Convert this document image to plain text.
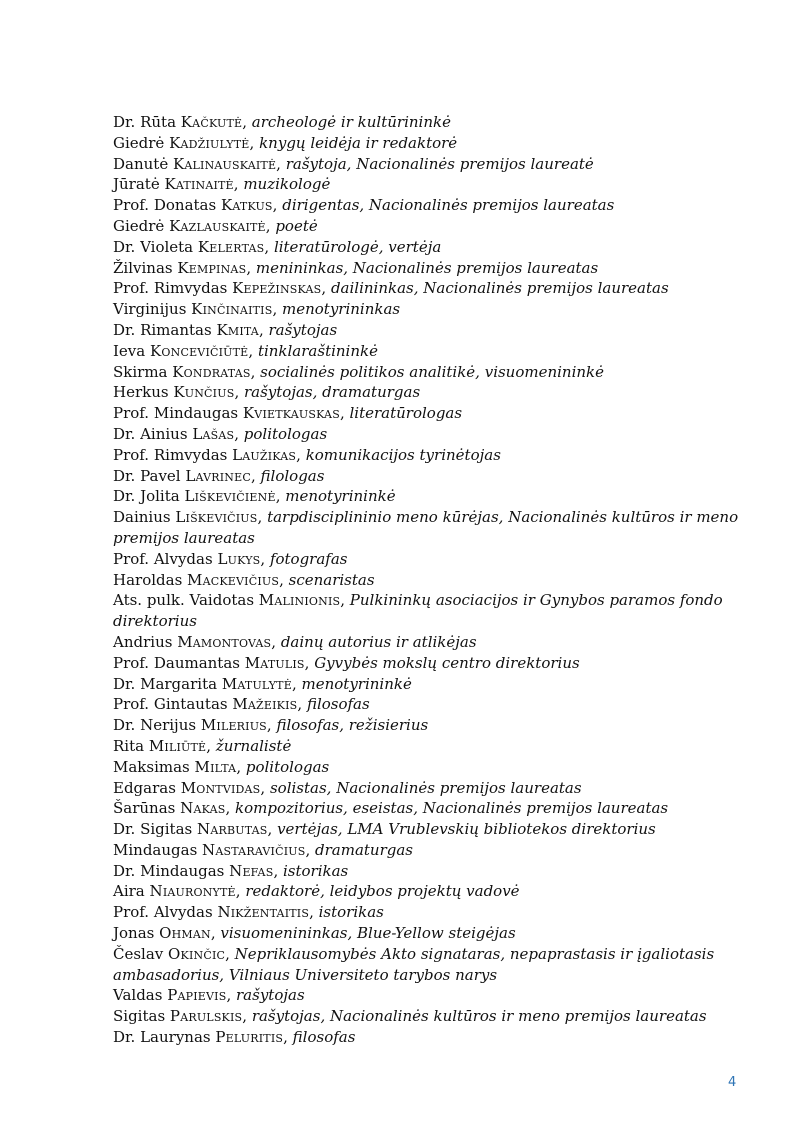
Dr. Rūta Kačkutė, archeologė ir kultūrininkė

Giedrė Kadžiulytė, knygų leidėja ir redaktorė

Danutė Kalinauskaitė, rašytoja, Nacionalinės premijos laureatė

Jūratė Katinaitė, muzikologė

Prof. Donatas Katkus, dirigentas, Nacionalinės premijos laureatas

Giedrė Kazlauskaitė, poetė

Dr. Violeta Kelertas, literatūrologė, vertėja

Žilvinas Kempinas, menininkas, Nacionalinės premijos laureatas

Prof. Rimvydas Kepežinskas, dailininkas, Nacionalinės premijos laureatas

Virginijus Kinčinaitis, menotyrininkas

Dr. Rimantas Kmita, rašytojas

Ieva Koncevičiūtė, tinklaraštininkė

Skirma Kondratas, socialinės politikos analitikė, visuomenininkė

Herkus Kunčius, rašytojas, dramaturgas

Prof. Mindaugas Kvietkauskas, literatūrologas

Dr. Ainius Lašas, politologas

Prof. Rimvydas Laužikas, komunikacijos tyrinėtojas

Dr. Pavel Lavrinec, filologas

Dr. Jolita Liškevičienė, menotyrininkė

Dainius Liškevičius, tarpdisciplininio meno kūrėjas, Nacionalinės kultūros ir meno premijos laureatas

Prof. Alvydas Lukys, fotografas

Haroldas Mackevičius, scenaristas

Ats. pulk. Vaidotas Malinionis, Pulkininkų asociacijos ir Gynybos paramos fondo direktorius

Andrius Mamontovas, dainų autorius ir atlikėjas

Prof. Daumantas Matulis, Gyvybės mokslų centro direktorius

Dr. Margarita Matulytė, menotyrininkė

Prof. Gintautas Mažeikis, filosofas

Dr. Nerijus Milerius, filosofas, režisierius

Rita Miliūtė, žurnalistė

Maksimas Milta, politologas

Edgaras Montvidas, solistas, Nacionalinės premijos laureatas

Šarūnas Nakas, kompozitorius, eseistas, Nacionalinės premijos laureatas

Dr. Sigitas Narbutas, vertėjas, LMA Vrublevskių bibliotekos direktorius

Mindaugas Nastaravičius, dramaturgas

Dr. Mindaugas Nefas, istorikas

Aira Niauronytė, redaktorė, leidybos projektų vadovė

Prof. Alvydas Nikžentaitis, istorikas

Jonas Ohman, visuomenininkas, Blue-Yellow steigėjas

Česlav Okinčic, Nepriklausomybės Akto signataras, nepaprastasis ir įgaliotasis ambasadorius, Vilniaus Universiteto tarybos narys

Valdas Papievis, rašytojas

Sigitas Parulskis, rašytojas, Nacionalinės kultūros ir meno premijos laureatas

Dr. Laurynas Peluritis, filosofas

4
